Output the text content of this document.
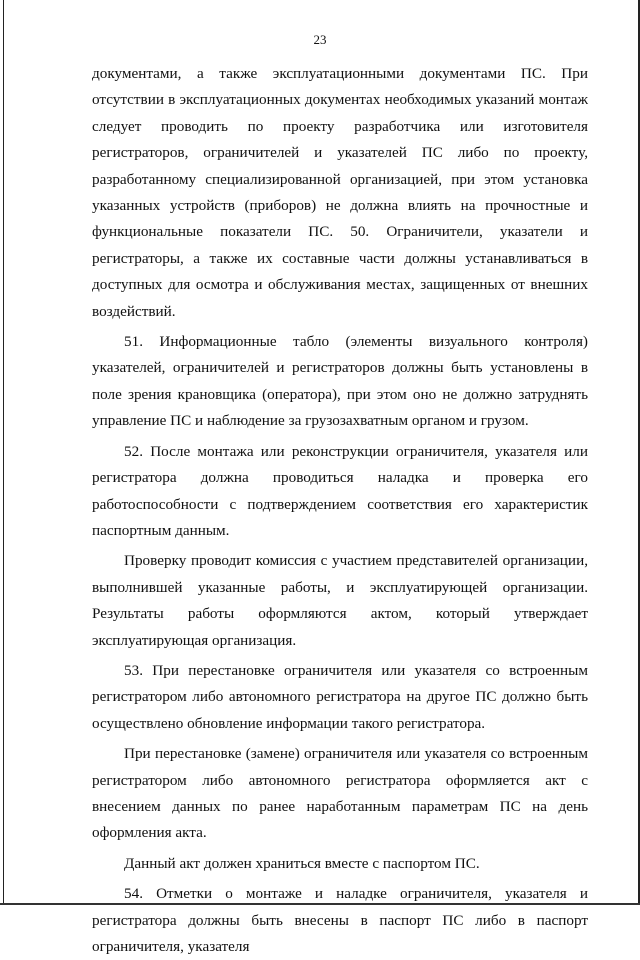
23

документами, а также эксплуатационными документами ПС. При отсутствии в эксплуатационных документах необходимых указаний монтаж следует проводить по проекту разработчика или изготовителя регистраторов, ограничителей и указателей ПС либо по проекту, разработанному специализированной организацией, при этом установка указанных устройств (приборов) не должна влиять на прочностные и функциональные показатели ПС. 50. Ограничители, указатели и регистраторы, а также их составные части должны устанавливаться в доступных для осмотра и обслуживания местах, защищенных от внешних воздействий.

51. Информационные табло (элементы визуального контроля) указателей, ограничителей и регистраторов должны быть установлены в поле зрения крановщика (оператора), при этом оно не должно затруднять управление ПС и наблюдение за грузозахватным органом и грузом.

52. После монтажа или реконструкции ограничителя, указателя или регистратора должна проводиться наладка и проверка его работоспособности с подтверждением соответствия его характеристик паспортным данным.

Проверку проводит комиссия с участием представителей организации, выполнившей указанные работы, и эксплуатирующей организации. Результаты работы оформляются актом, который утверждает эксплуатирующая организация.

53. При перестановке ограничителя или указателя со встроенным регистратором либо автономного регистратора на другое ПС должно быть осуществлено обновление информации такого регистратора.

При перестановке (замене) ограничителя или указателя со встроенным регистратором либо автономного регистратора оформляется акт с внесением данных по ранее наработанным параметрам ПС на день оформления акта.

Данный акт должен храниться вместе с паспортом ПС.

54. Отметки о монтаже и наладке ограничителя, указателя и регистратора должны быть внесены в паспорт ПС либо в паспорт ограничителя, указателя
